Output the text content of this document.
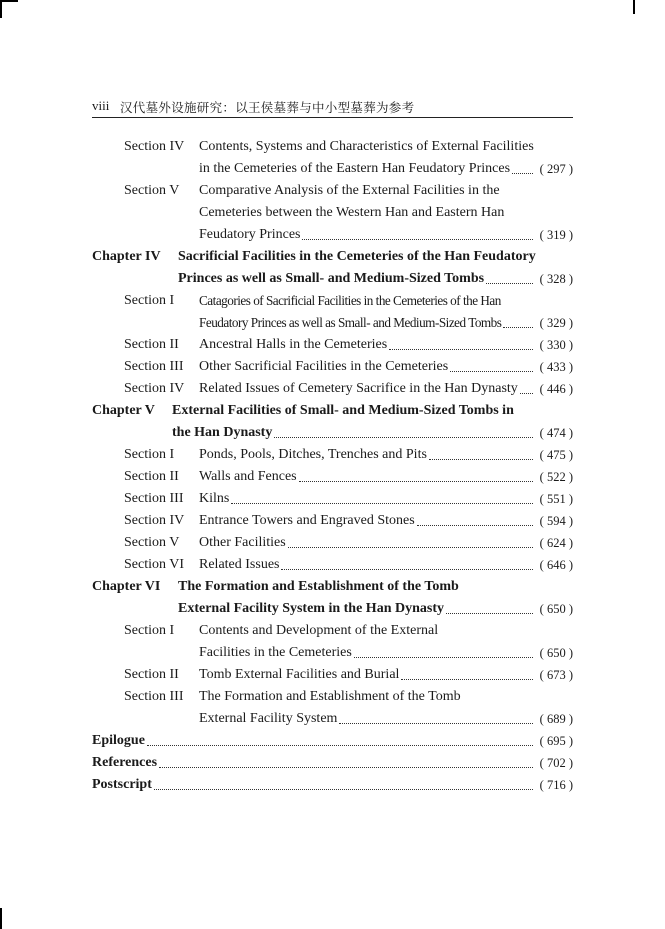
viii 汉代墓外设施研究：以王侯墓葬与中小型墓葬为参考
Section IV Contents, Systems and Characteristics of External Facilities
in the Cemeteries of the Eastern Han Feudatory Princes ( 297 )
Section V Comparative Analysis of the External Facilities in the
Cemeteries between the Western Han and Eastern Han
Feudatory Princes	( 319 )
Chapter IV Sacrificial Facilities in the Cemeteries of the Han Feudatory
Princes as well as Small- and Medium-Sized Tombs	( 328 )
Section I Catagories of Sacrificial Facilities in the Cemeteries of the Han
Feudatory Princes as well as Small- and Medium-Sized Tombs	( 329 )
Section II Ancestral Halls in the Cemeteries	( 330 )
Section III Other Sacrificial Facilities in the Cemeteries	( 433 )
Section IV Related Issues of Cemetery Sacrifice in the Han Dynasty ( 446 )
Chapter V External Facilities of Small- and Medium-Sized Tombs in
the Han Dynasty	( 474 )
Section I Ponds, Pools, Ditches, Trenches and Pits	( 475 )
Section II Walls and Fences	( 522 )
Section III Kilns	( 551 )
Section IV Entrance Towers and Engraved Stones	( 594 )
Section V Other Facilities	( 624 )
Section VI Related Issues	( 646 )
Chapter VI The Formation and Establishment of the Tomb
External Facility System in the Han Dynasty	( 650 )
Section I Contents and Development of the External
Facilities in the Cemeteries	( 650 )
Section II Tomb External Facilities and Burial	( 673 )
Section III The Formation and Establishment of the Tomb
External Facility System	( 689 )
Epilogue	( 695 )
References	( 702 )
Postscript	( 716 )
